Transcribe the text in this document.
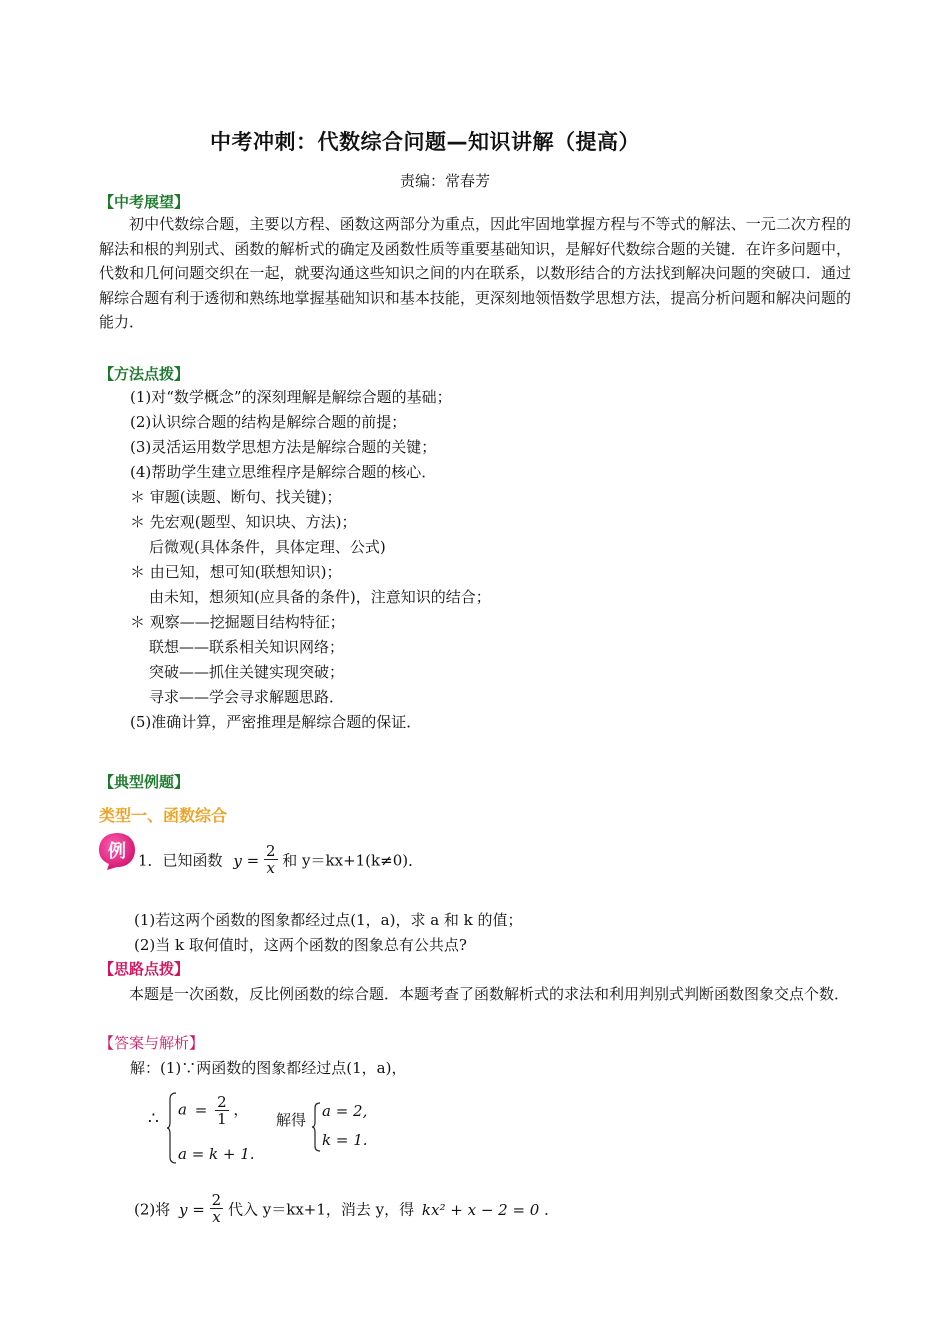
中考冲刺：代数综合问题—知识讲解（提高）
责编：常春芳
【中考展望】
初中代数综合题，主要以方程、函数这两部分为重点，因此牢固地掌握方程与不等式的解法、一元二次方程的解法和根的判别式、函数的解析式的确定及函数性质等重要基础知识，是解好代数综合题的关键．在许多问题中，代数和几何问题交织在一起，就要沟通这些知识之间的内在联系，以数形结合的方法找到解决问题的突破口．通过解综合题有利于透彻和熟练地掌握基础知识和基本技能，更深刻地领悟数学思想方法，提高分析问题和解决问题的能力．
【方法点拨】
(1)对“数学概念”的深刻理解是解综合题的基础；
(2)认识综合题的结构是解综合题的前提；
(3)灵活运用数学思想方法是解综合题的关键；
(4)帮助学生建立思维程序是解综合题的核心．
＊ 审题(读题、断句、找关键)；
＊ 先宏观(题型、知识块、方法)；
后微观(具体条件，具体定理、公式)
＊ 由已知，想可知(联想知识)；
由未知，想须知(应具备的条件)，注意知识的结合；
＊ 观察——挖掘题目结构特征；
联想——联系相关知识网络；
突破——抓住关键实现突破；
寻求——学会寻求解题思路．
(5)准确计算，严密推理是解综合题的保证．
【典型例题】
类型一、函数综合
例 1．已知函数 $y = \frac{2}{x}$ 和 y＝kx+1(k≠0)．
(1)若这两个函数的图象都经过点(1，a)，求 a 和 k 的值；
(2)当 k 取何值时，这两个函数的图象总有公共点?
【思路点拨】
本题是一次函数，反比例函数的综合题．本题考查了函数解析式的求法和利用判别式判断函数图象交点个数．
【答案与解析】
解：(1)∵两函数的图象都经过点(1，a)，
∴ $a = \frac{2}{1}$ ，
a = k + 1.
解得 a = 2,
k = 1.
(2)将 $y = \frac{2}{x}$ 代入 y＝kx+1，消去 y，得 kx² + x − 2 = 0 ．
